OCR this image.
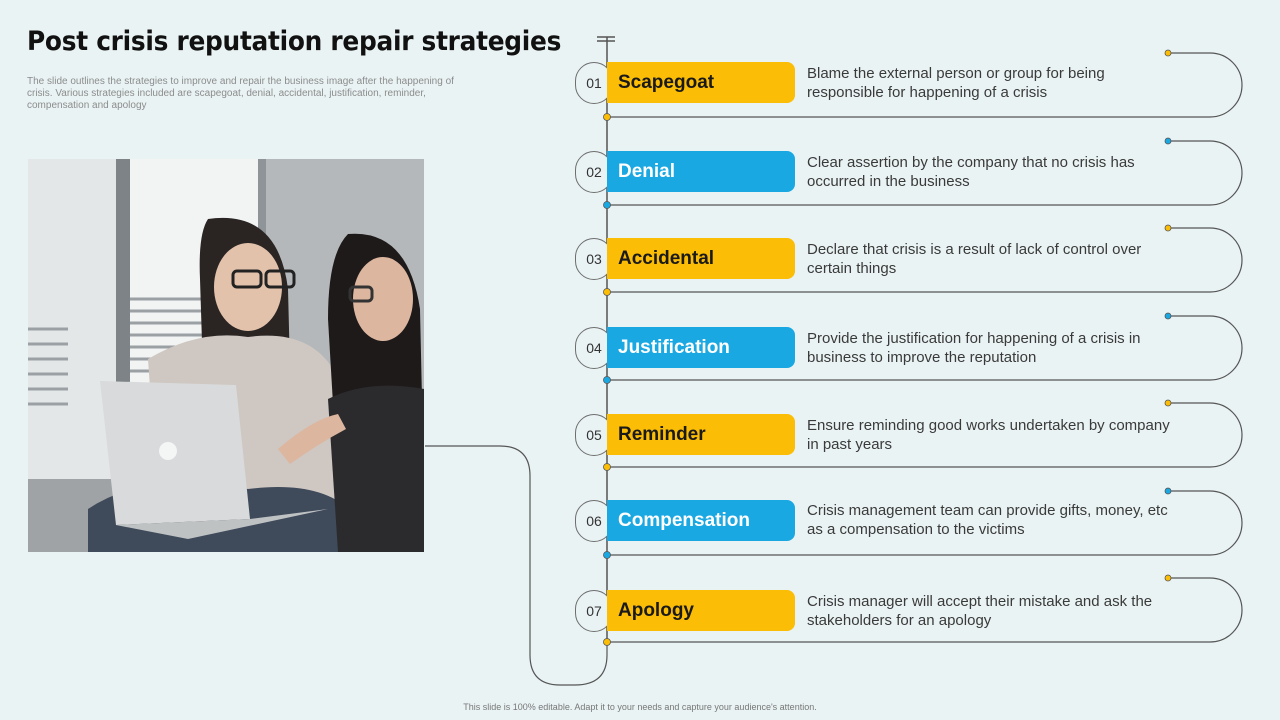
Post crisis reputation repair strategies
The slide outlines the strategies to improve and repair the business image after the happening of crisis. Various strategies included are scapegoat, denial, accidental, justification, reminder, compensation and apology
01 Scapegoat	Blame the external person or group for being responsible for happening of a crisis
02 Denial	Clear assertion by the company that no crisis has occurred in the business
03 Accidental	Declare that crisis is a result of lack of control over certain things
04 Justification	Provide the justification for happening of a crisis in business to improve the reputation
05 Reminder	Ensure reminding good works undertaken by company in past years
06 Compensation	Crisis management team can provide gifts, money, etc as a compensation to the victims
07 Apology	Crisis manager will accept their mistake and ask the stakeholders for an apology
This slide is 100% editable. Adapt it to your needs and capture your audience's attention.
